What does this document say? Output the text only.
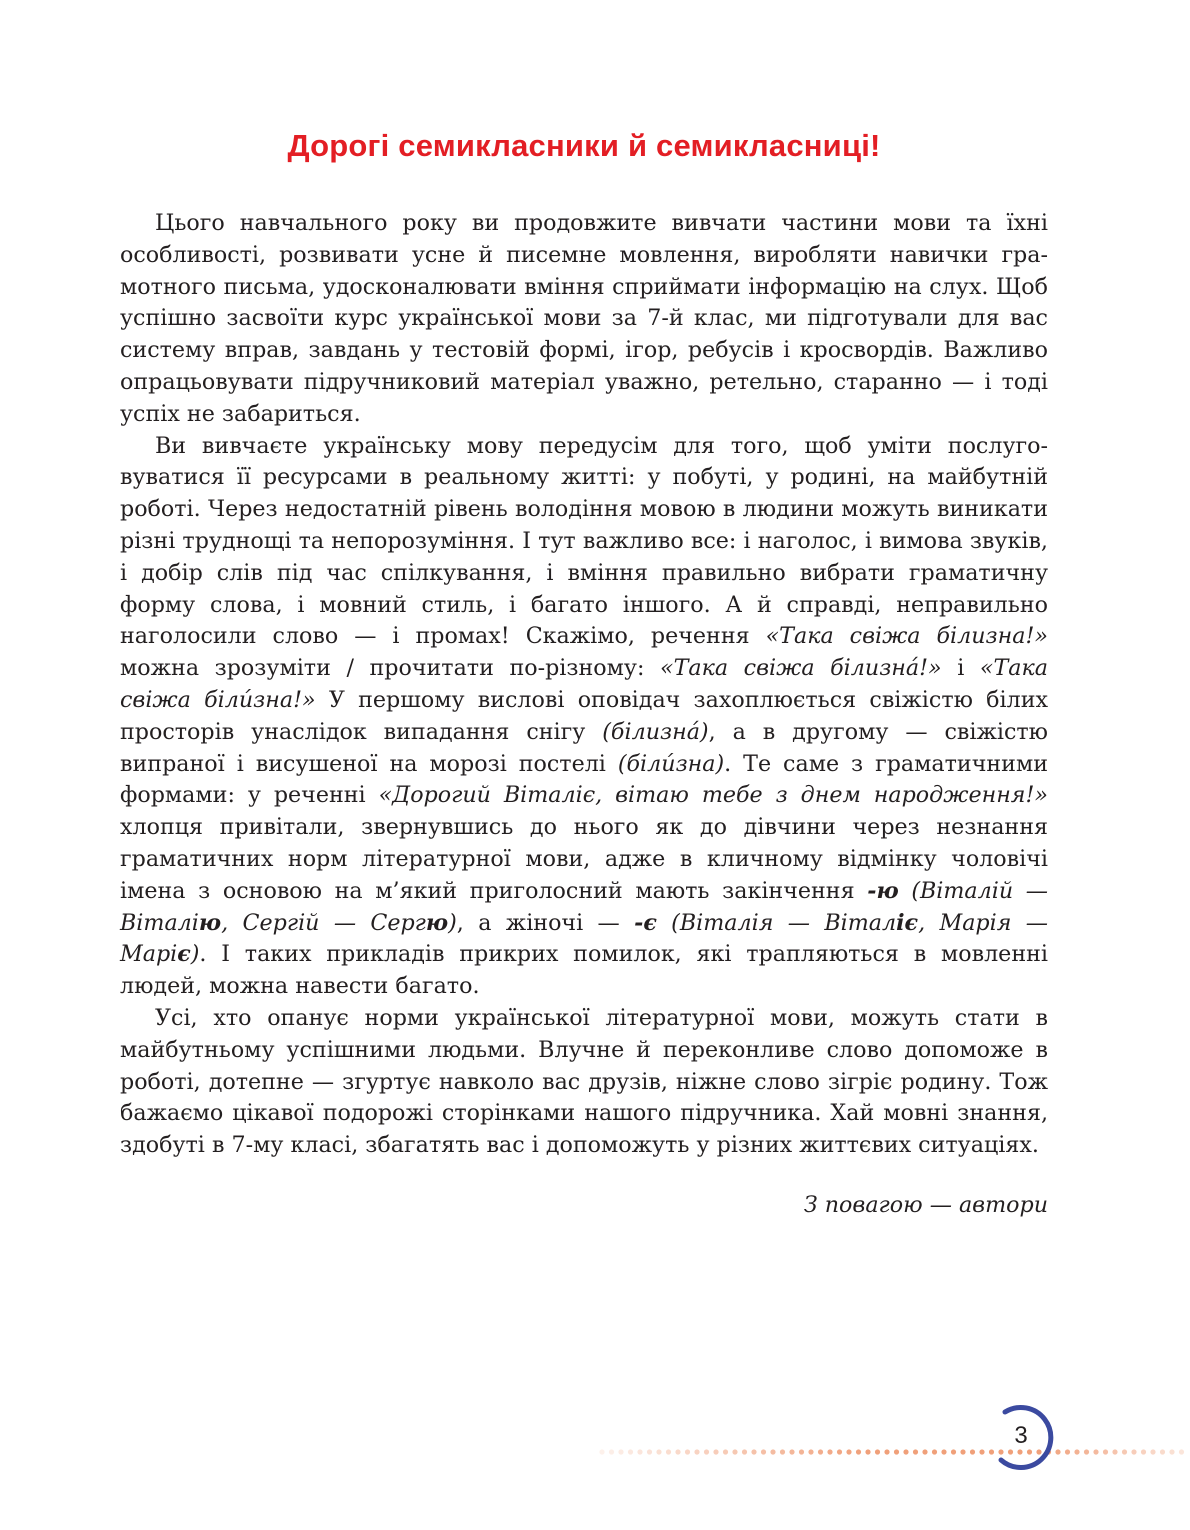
Дорогі семикласники й семикласниці!

Цього навчального року ви продовжите вивчати частини мови та їхні особливості, розвивати усне й писемне мовлення, виробляти навички грамотного письма, удосконалювати вміння сприймати інформацію на слух. Щоб успішно засвоїти курс української мови за 7-й клас, ми підготували для вас систему вправ, завдань у тестовій формі, ігор, ребусів і кросвордів. Важливо опрацьовувати підручниковий матеріал уважно, ретельно, старанно — і тоді успіх не забариться.

Ви вивчаєте українську мову передусім для того, щоб уміти послуговуватися її ресурсами в реальному житті: у побуті, у родині, на майбутній роботі. Через недостатній рівень володіння мовою в людини можуть виникати різні труднощі та непорозуміння. І тут важливо все: і наголос, і вимова звуків, і добір слів під час спілкування, і вміння правильно вибрати граматичну форму слова, і мовний стиль, і багато іншого. А й справді, неправильно наголосили слово — і промах! Скажімо, речення «Така свіжа білизна!» можна зрозуміти / прочитати по-різному: «Така свіжа білизна́!» і «Така свіжа білúзна!» У першому висловi оповідач захоплюється свіжістю білих просторів унаслідок випадання снігу (білизна́), а в другому — свіжістю випраної і висушеної на морозі постелі (білúзна). Те саме з граматичними формами: у реченні «Дорогий Віталіє, вітаю тебе з днем народження!» хлопця привітали, звернувшись до нього як до дівчини через незнання граматичних норм літературної мови, адже в кличному відмінку чоловічі імена з основою на м’який приголосний мають закінчення -ю (Віталій — Віталію, Сергій — Сергю), а жіночі — -є (Віталія — Віталіє, Марія — Маріє). І таких прикладів прикрих помилок, які трапляються в мовленні людей, можна навести багато.

Усі, хто опанує норми української літературної мови, можуть стати в майбутньому успішними людьми. Влучне й переконливе слово допоможе в роботі, дотепне — згуртує навколо вас друзів, ніжне слово зігріє родину. Тож бажаємо цікавої подорожі сторінками нашого підручника. Хай мовні знання, здобуті в 7-му класі, збагатять вас і допоможуть у різних життєвих ситуаціях.

З повагою — автори
3
